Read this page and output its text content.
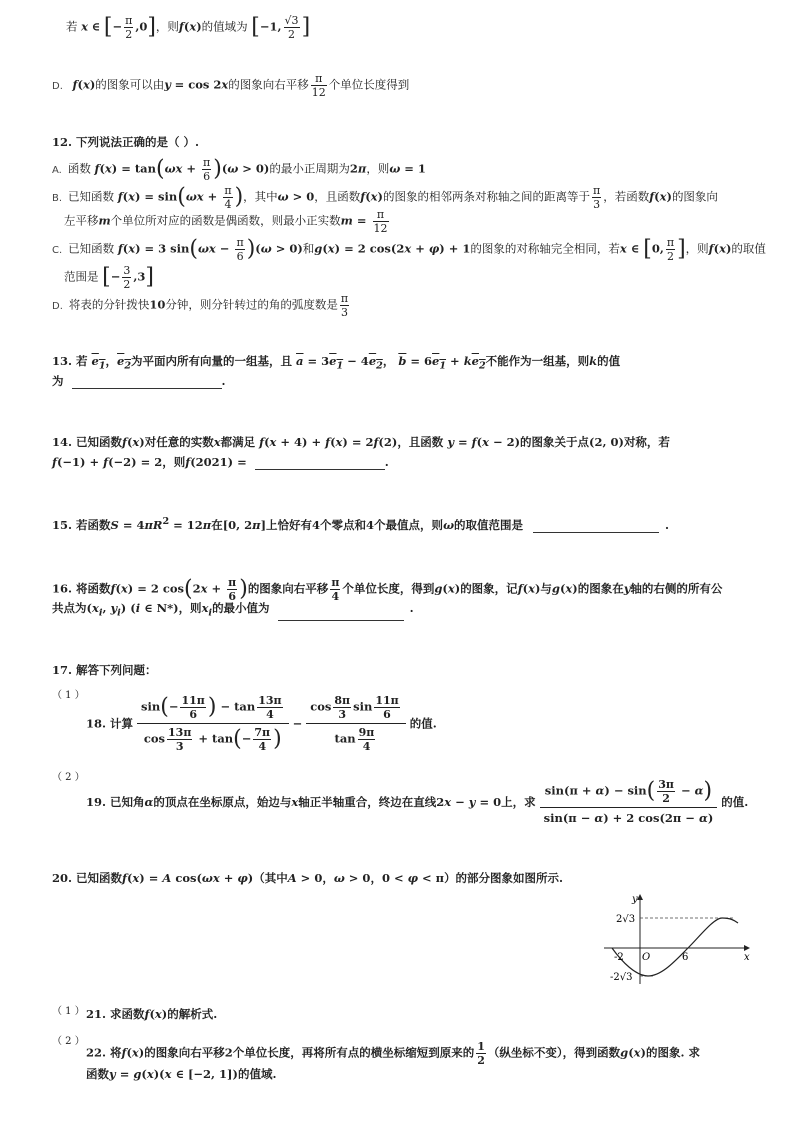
若 x ∈ [− $\frac{\pi}{2} ,0$]，则f(x)的值域为 [−1, $\frac{√3}{2}$ ]
D. f(x)的图象可以由y = cos 2x的图象向右平移 $\frac{\pi}{12}$ 个单位长度得到
12. 下列说法正确的是（ ）.
A. 函数 $f(x) = \tan(\omega x + \frac{\pi}{6} )(\omega > 0)$的最小正周期为2π，则ω = 1
B. 已知函数 $f(x) = \sin(\omega x + \frac{\pi}{4}$ )，其中ω > 0，且函数f(x)的图象的相邻两条对称轴之间的距离等于 $\frac{\pi}{3}$ ，若函数f(x)的图象向
左平移m个单位所对应的函数是偶函数，则最小正实数$m = \frac{\pi}{12}$
C. 已知函数 f(x) = 3 $\sin(\omega x - \frac{\pi}{6} )(\omega > 0)$和g(x) = 2 cos(2x + φ) + 1的图象的对称轴完全相同，若x ∈ [0, $\frac{\pi}{2}$ ]，则f(x)的取值
范围是 [− $\frac{3}{2} ,3$]
D. 将表的分针拨快10分钟，则分针转过的角的弧度数是 $\frac{\pi}{3}$
13. 若 $e_1$，$e_2$为平面内所有向量的一组基，且 $\overline{a} = 3e_1 - 4e_2$， $\overline{b} = 6e_1 + ke_2$不能作为一组基，则k的值
为	.
14. 已知函数f(x)对任意的实数x都满足 f(x + 4) + f(x) = 2f(2)，且函数 y = f(x − 2)的图象关于点(2, 0)对称，若
f(−1) + f(−2) = 2，则f(2021) =	.
15. 若函数$S = 4\pi R^2 = 12\pi$在[0, 2π]上恰好有4个零点和4个最值点，则ω的取值范围是	.
16. 将函数f(x) = 2 $\cos(2x + \frac{\pi}{6}$ )的图象向右平移 $\frac{\pi}{4}$ 个单位长度，得到g(x)的图象，记f(x)与g(x)的图象在y轴的右侧的所有公
共点为($x_i$, $y_i$) (i ∈ N*)，则$x_i$的最小值为	.
17. 解答下列问题：
（ 1 ）
18. 计算 $\frac{\sin(- \frac{11\pi}{6} ) - \tan \frac{13\pi}{4}}{\cos \frac{13\pi}{3} + \tan(- \frac{7\pi}{4} )} - \frac{\cos \frac{8\pi}{3} \sin \frac{11\pi}{6}}{\tan \frac{9\pi}{4}}$ 的值.
（ 2 ）
19. 已知角α的顶点在坐标原点，始边与x轴正半轴重合，终边在直线2x − y = 0上，求 $\frac{\sin(\pi + \alpha) - \sin( \frac{3\pi}{2} - \alpha)}{\sin(\pi - \alpha) + 2 \cos(2\pi - \alpha)}$ 的值.
20. 已知函数f(x) = A cos(ωx + φ)（其中A > 0，ω > 0，0 < φ < π）的部分图象如图所示.
y
x
O
2√3
-2√3
-2	6
（ 1 ） 21. 求函数f(x)的解析式.
（ 2 ）
22. 将f(x)的图象向右平移2个单位长度，再将所有点的横坐标缩短到原来的 $\frac{1}{2}$ （纵坐标不变），得到函数g(x)的图象. 求
函数y = g(x)(x ∈ [−2, 1])的值域.
